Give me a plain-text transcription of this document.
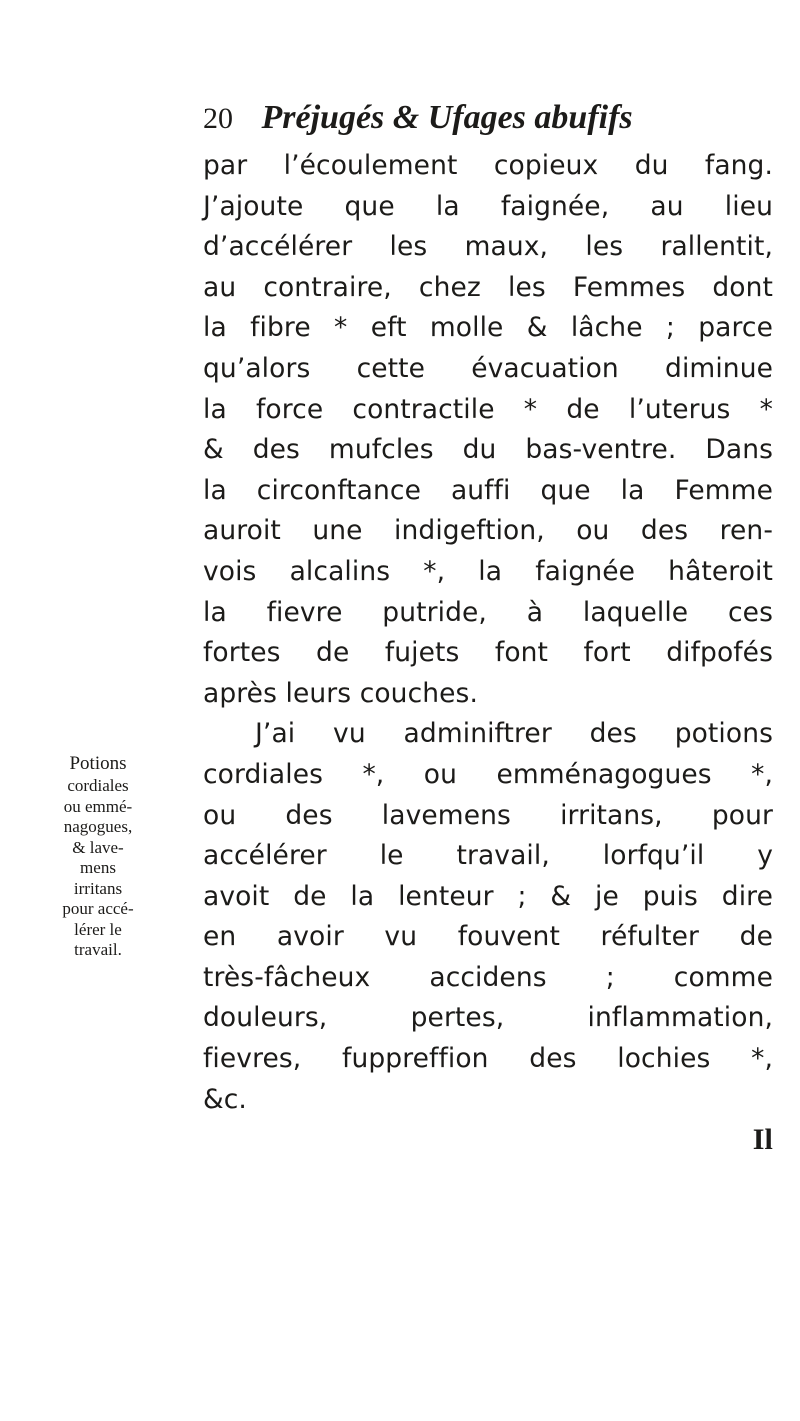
20 Préjugés & Ufages abufifs
par l’écoulement copieux du fang.
J’ajoute que la faignée, au lieu
d’accélérer les maux, les rallentit,
au contraire, chez les Femmes dont
la fibre * eft molle & lâche ; parce
qu’alors cette évacuation diminue
la force contractile * de l’uterus *
& des mufcles du bas-ventre. Dans
la circonftance auffi que la Femme
auroit une indigeftion, ou des ren-
vois alcalins *, la faignée hâteroit
la fievre putride, à laquelle ces
fortes de fujets font fort difpofés
après leurs couches.
J’ai vu adminiftrer des potions
cordiales *, ou emménagogues *,
ou des lavemens irritans, pour
accélérer le travail, lorfqu’il y
avoit de la lenteur ; & je puis dire
en avoir vu fouvent réfulter de
très-fâcheux accidens ; comme
douleurs, pertes, inflammation,
fievres, fuppreffion des lochies *,
&c.
Il
Potions
cordiales
ou emmé-
nagogues,
& lave-
mens
irritans
pour accé-
lérer le
travail.
